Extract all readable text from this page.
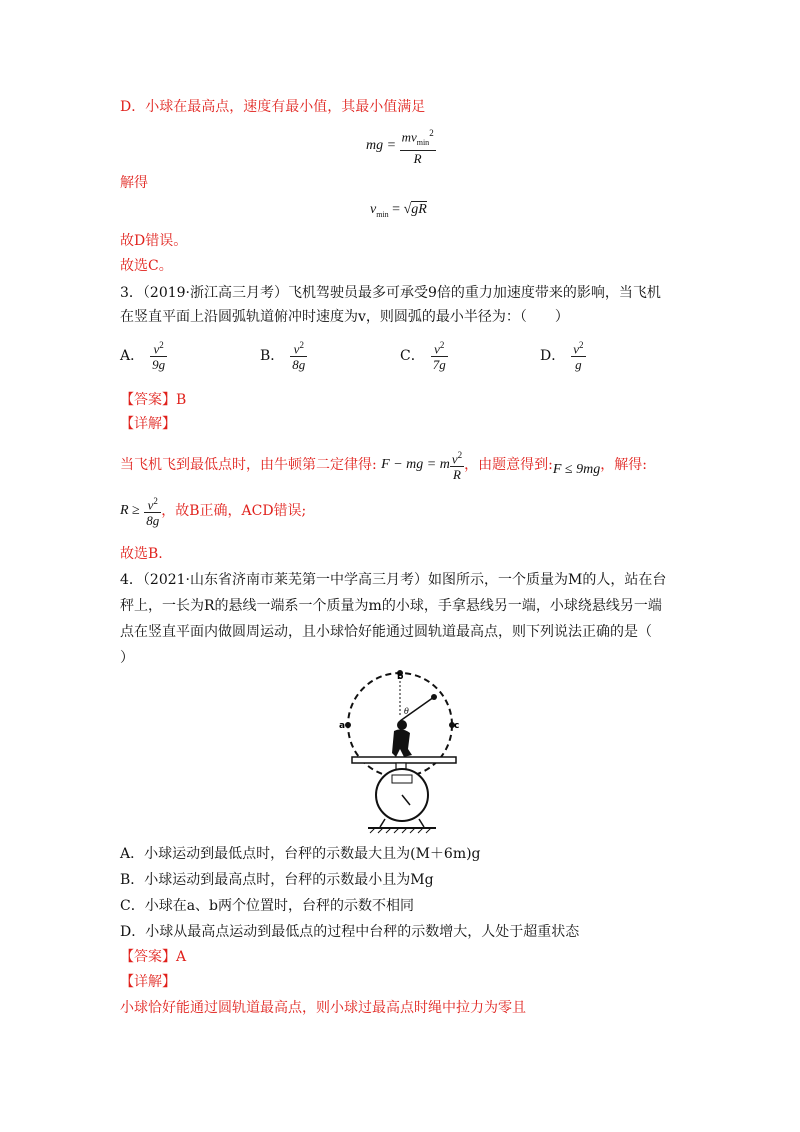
D．小球在最高点，速度有最小值，其最小值满足
mg =
$\frac{mv_{min}^2}{R}$
解得
$v_{min} = √gR$
故D错误。
故选C。
3．（2019·浙江高三月考）飞机驾驶员最多可承受9倍的重力加速度带来的影响，当飞机
在竖直平面上沿圆弧轨道俯冲时速度为v，则圆弧的最小半径为：（　　）
A． $\frac{v^2}{9g}$	B． $\frac{v^2}{8g}$	C． $\frac{v^2}{7g}$	D． $\frac{v^2}{g}$
【答案】B
【详解】
当飞机飞到最低点时，由牛顿第二定律得:
F − mg = m $\frac{v^2}{R}$ ，由题意得到: F ≤ 9mg ，解得:
R ≥
$\frac{v^2}{8g}$ ，故B正确，ACD错误;
故选B.
4．（2021·山东省济南市莱芜第一中学高三月考）如图所示，一个质量为M的人，站在台
秤上，一长为R的悬线一端系一个质量为m的小球，手拿悬线另一端，小球绕悬线另一端
点在竖直平面内做圆周运动，且小球恰好能通过圆轨道最高点，则下列说法正确的是（
）
b
a	c
θ
A．小球运动到最低点时，台秤的示数最大且为(M＋6m)g
B．小球运动到最高点时，台秤的示数最小且为Mg
C．小球在a、b两个位置时，台秤的示数不相同
D．小球从最高点运动到最低点的过程中台秤的示数增大，人处于超重状态
【答案】A
【详解】
小球恰好能通过圆轨道最高点，则小球过最高点时绳中拉力为零且
